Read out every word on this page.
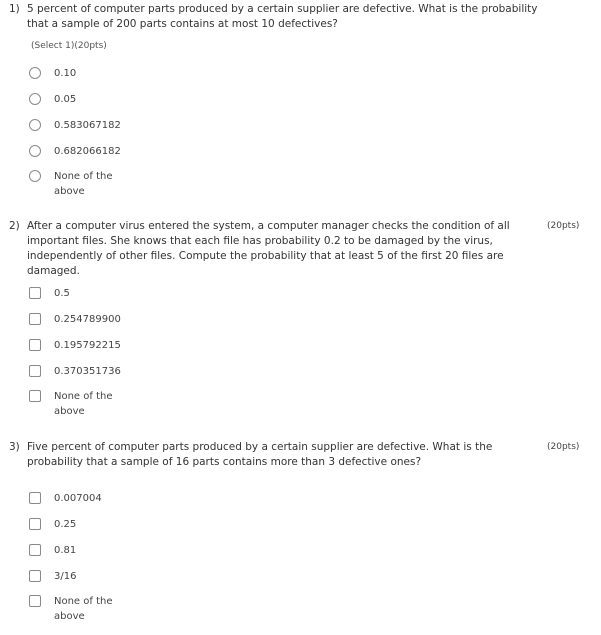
1) 5 percent of computer parts produced by a certain supplier are defective. What is the probability that a sample of 200 parts contains at most 10 defectives?
(Select 1)(20pts)
0.10
0.05
0.583067182
0.682066182
None of the above
2) After a computer virus entered the system, a computer manager checks the condition of all important files. She knows that each file has probability 0.2 to be damaged by the virus, independently of other files. Compute the probability that at least 5 of the first 20 files are damaged.
(20pts)
0.5
0.254789900
0.195792215
0.370351736
None of the above
3) Five percent of computer parts produced by a certain supplier are defective. What is the probability that a sample of 16 parts contains more than 3 defective ones?
(20pts)
0.007004
0.25
0.81
3/16
None of the above
